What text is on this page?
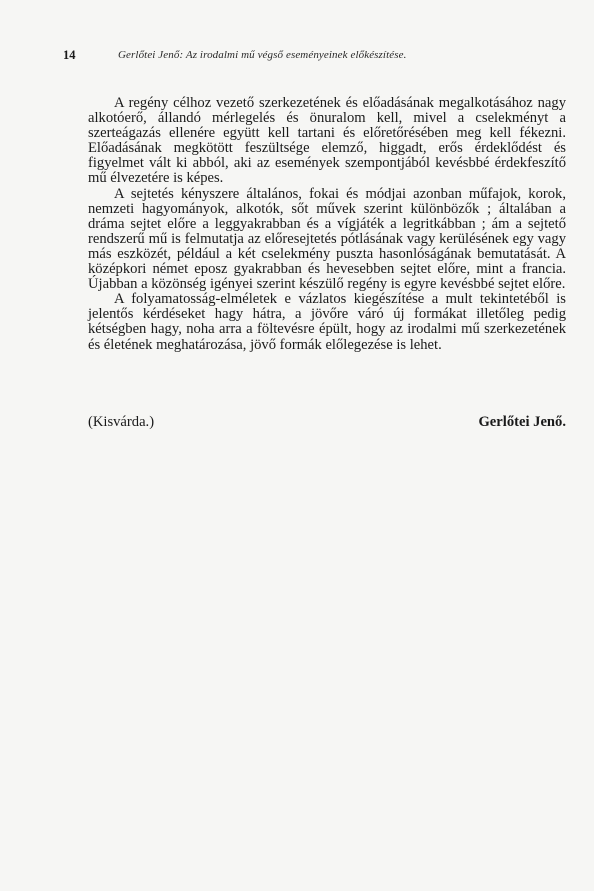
14	Gerlőtei Jenő: Az irodalmi mű végső eseményeinek előkészítése.

A regény célhoz vezető szerkezetének és előadásának megalkotásához nagy alkotóerő, állandó mérlegelés és önuralom kell, mivel a cselekményt a szerteágazás ellenére együtt kell tartani és előretőrésében meg kell fékezni. Előadásának megkötött feszültsége elemző, higgadt, erős érdeklődést és figyelmet vált ki abból, aki az események szempontjából kevésbbé érdekfeszítő mű élvezetére is képes.

A sejtetés kényszere általános, fokai és módjai azonban műfajok, korok, nemzeti hagyományok, alkotók, sőt művek szerint különbözők ; általában a dráma sejtet előre a leggyakrabban és a vígjáték a legritkábban ; ám a sejtető rendszerű mű is felmutatja az előresejtetés pótlásának vagy kerülésének egy vagy más eszközét, például a két cselekmény puszta hasonlóságának bemutatását. A középkori német eposz gyakrabban és hevesebben sejtet előre, mint a francia. Újabban a közönség igényei szerint készülő regény is egyre kevésbbé sejtet előre.

A folyamatosság-elméletek e vázlatos kiegészítése a mult tekintetéből is jelentős kérdéseket hagy hátra, a jövőre váró új formákat illetőleg pedig kétségben hagy, noha arra a föltevésre épült, hogy az irodalmi mű szerkezetének és életének meghatározása, jövő formák előlegezése is lehet.

(Kisvárda.)	Gerlőtei Jenő.
